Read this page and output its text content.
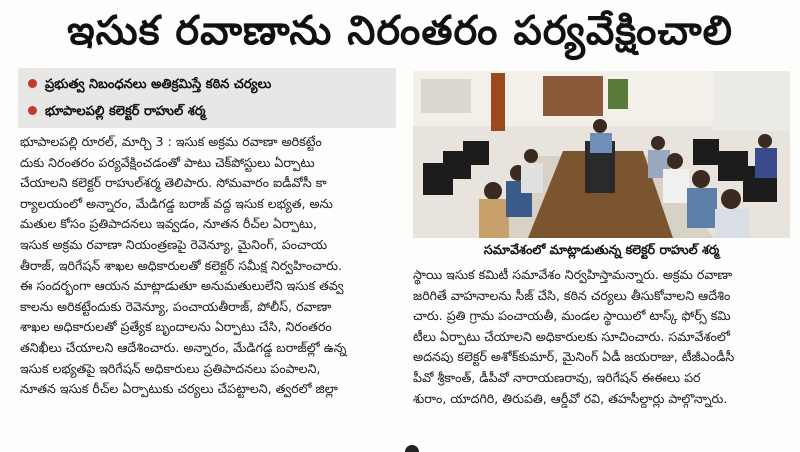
ఇసుక రవాణాను నిరంతరం పర్యవేక్షించాలి
ప్రభుత్వ నిబంధనలు అతిక్రమిస్తే కఠిన చర్యలు
భూపాలపల్లి కలెక్టర్ రాహుల్ శర్మ
భూపాలపల్లి రూరల్, మార్చి 3 : ఇసుక అక్రమ రవాణా అరికట్టేం
దుకు నిరంతరం పర్యవేక్షించడంతో పాటు చెక్‌పోస్టులు ఏర్పాటు
చేయాలని కలెక్టర్ రాహుల్‌శర్మ తెలిపారు. సోమవారం ఐడీవోసీ కా
ర్యాలయంలో అన్నారం, మేడిగడ్డ బరాజ్ వద్ద ఇసుక లభ్యత, అను
మతుల కోసం ప్రతిపాదనలు ఇవ్వడం, నూతన రీచ్‌ల ఏర్పాటు,
ఇసుక అక్రమ రవాణా నియంత్రణపై రెవెన్యూ, మైనింగ్, పంచాయ
తీరాజ్, ఇరిగేషన్ శాఖల అధికారులతో కలెక్టర్ సమీక్ష నిర్వహించారు.
ఈ సందర్భంగా ఆయన మాట్లాడుతూ అనుమతులులేని ఇసుక తవ్వ
కాలను అరికట్టేందుకు రెవెన్యూ, పంచాయతీరాజ్, పోలీస్, రవాణా
శాఖల అధికారులతో ప్రత్యేక బృందాలను ఏర్పాటు చేసి, నిరంతరం
తనిఖీలు చేయాలని ఆదేశించారు. అన్నారం, మేడిగడ్డ బరాజ్‌ల్లో ఉన్న
ఇసుక లభ్యతపై ఇరిగేషన్ అధికారులు ప్రతిపాదనలు పంపాలని,
నూతన ఇసుక రీచ్‌ల ఏర్పాటుకు చర్యలు చేపట్టాలని, త్వరలో జిల్లా
సమావేశంలో మాట్లాడుతున్న కలెక్టర్ రాహుల్ శర్మ
స్థాయి ఇసుక కమిటీ సమావేశం నిర్వహిస్తామన్నారు. అక్రమ రవాణా
జరిగితే వాహనాలను సీజ్ చేసి, కఠిన చర్యలు తీసుకోవాలని ఆదేశిం
చారు. ప్రతి గ్రామ పంచాయతీ, మండల స్థాయిలో టాస్క్ ఫోర్స్ కమి
టీలు ఏర్పాటు చేయాలని అధికారులకు సూచించారు. సమావేశంలో
అదనపు కలెక్టర్ అశోక్‌కుమార్, మైనింగ్ ఏడీ జయరాజు, టీజీఎండీసీ
పీవో శ్రీకాంత్, డీపీవో నారాయణరావు, ఇరిగేషన్ ఈఈలు పర
శురాం, యాదగిరి, తిరుపతి, ఆర్డీవో రవి, తహసీల్దార్లు పాల్గొన్నారు.
